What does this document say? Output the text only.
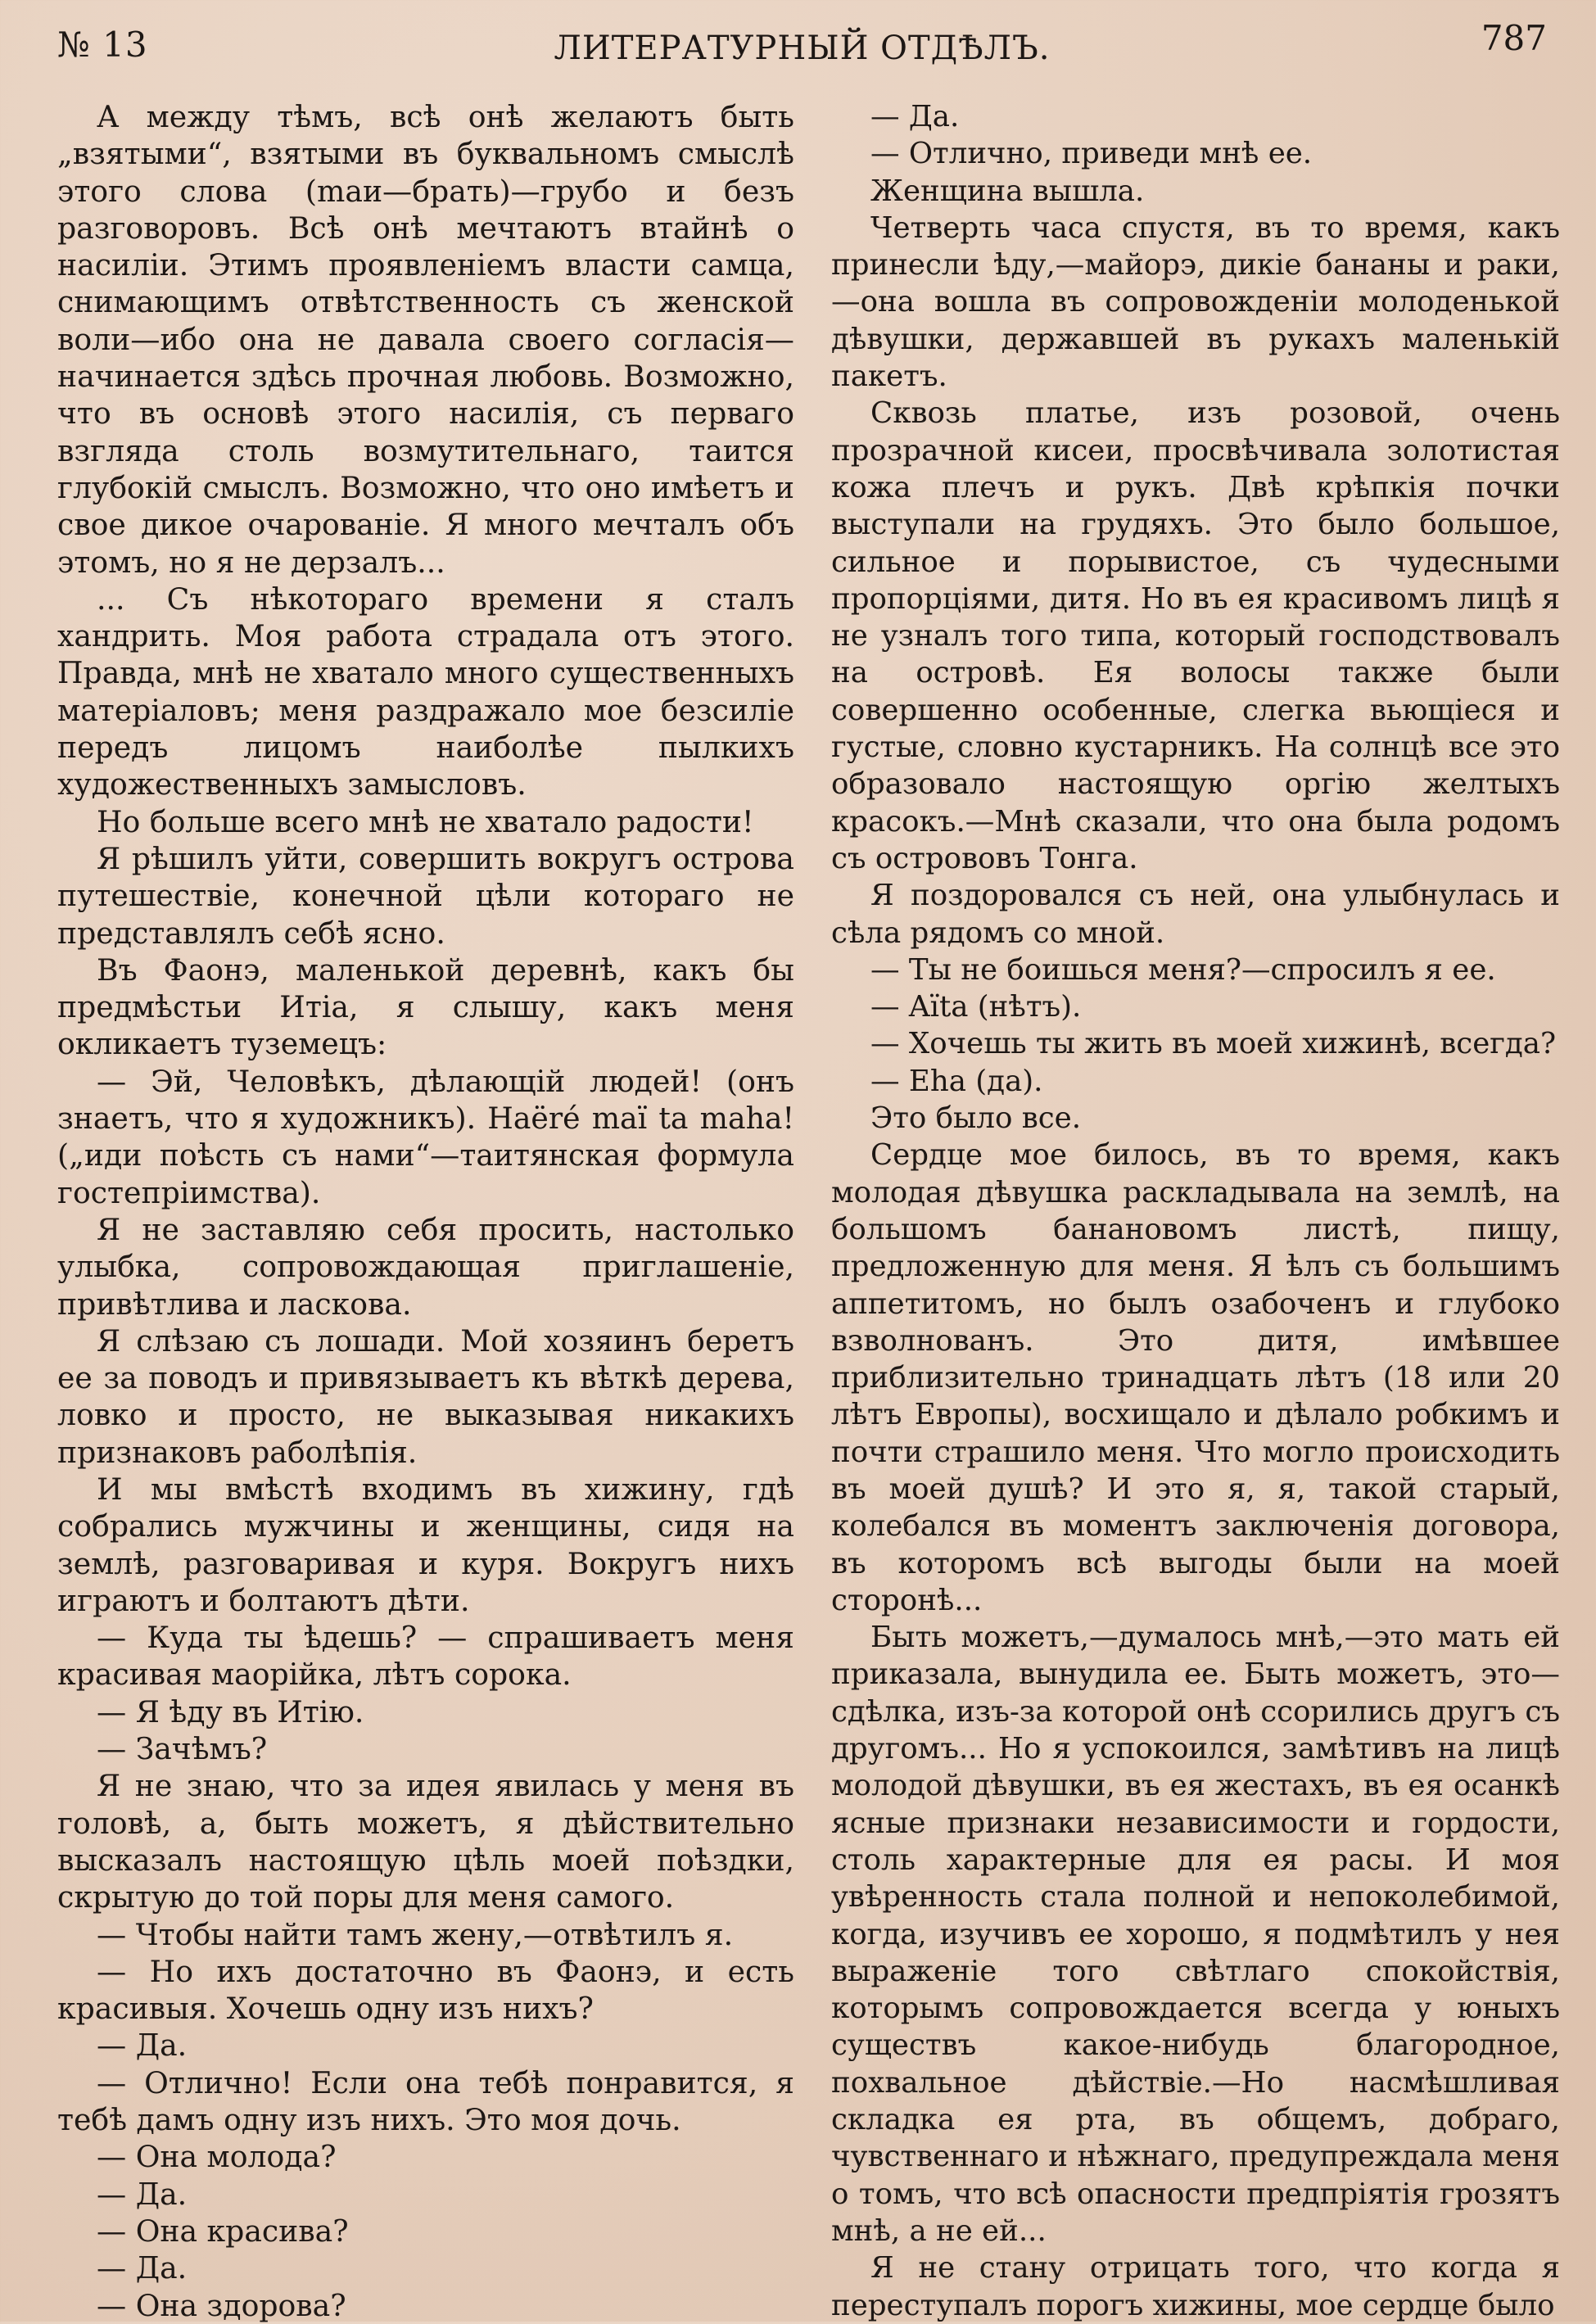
№ 13	ЛИТЕРАТУРНЫЙ ОТДѢЛЪ.	787

А между тѣмъ, всѣ онѣ желаютъ быть „взятыми“, взятыми въ буквальномъ смыслѣ этого слова (maи—брать)—грубо и безъ разговоровъ. Всѣ онѣ мечтаютъ втайнѣ о насиліи. Этимъ проявленіемъ власти самца, снимающимъ отвѣтственность съ женской воли—ибо она не давала своего согласія—начинается здѣсь прочная любовь. Возможно, что въ основѣ этого насилія, съ перваго взгляда столь возмутительнаго, таится глубокій смыслъ. Возможно, что оно имѣетъ и свое дикое очарованіе. Я много мечталъ объ этомъ, но я не дерзалъ...

... Съ нѣкотораго времени я сталъ хандрить. Моя работа страдала отъ этого. Правда, мнѣ не хватало много существенныхъ матеріаловъ; меня раздражало мое безсиліе передъ лицомъ наиболѣе пылкихъ художественныхъ замысловъ.

Но больше всего мнѣ не хватало радости!

Я рѣшилъ уйти, совершить вокругъ острова путешествіе, конечной цѣли котораго не представлялъ себѣ ясно.

Въ Фаонэ, маленькой деревнѣ, какъ бы предмѣстьи Итіа, я слышу, какъ меня окликаетъ туземецъ:

— Эй, Человѣкъ, дѣлающій людей! (онъ знаетъ, что я художникъ). Haёré maï ta maha! („иди поѣсть съ нами“—таитянская формула гостепріимства).

Я не заставляю себя просить, настолько улыбка, сопровождающая приглашеніе, привѣтлива и ласкова.

Я слѣзаю съ лошади. Мой хозяинъ беретъ ее за поводъ и привязываетъ къ вѣткѣ дерева, ловко и просто, не выказывая никакихъ признаковъ раболѣпія.

И мы вмѣстѣ входимъ въ хижину, гдѣ собрались мужчины и женщины, сидя на землѣ, разговаривая и куря. Вокругъ нихъ играютъ и болтаютъ дѣти.

— Куда ты ѣдешь? — спрашиваетъ меня красивая маорійка, лѣтъ сорока.

— Я ѣду въ Итію.

— Зачѣмъ?

Я не знаю, что за идея явилась у меня въ головѣ, а, быть можетъ, я дѣйствительно высказалъ настоящую цѣль моей поѣздки, скрытую до той поры для меня самого.

— Чтобы найти тамъ жену,—отвѣтилъ я.

— Но ихъ достаточно въ Фаонэ, и есть красивыя. Хочешь одну изъ нихъ?

— Да.

— Отлично! Если она тебѣ понравится, я тебѣ дамъ одну изъ нихъ. Это моя дочь.

— Она молода?

— Да.

— Она красива?

— Да.

— Она здорова?

— Да.

— Отлично, приведи мнѣ ее.

Женщина вышла.

Четверть часа спустя, въ то время, какъ принесли ѣду,—майорэ, дикіе бананы и раки,—она вошла въ сопровожденіи молоденькой дѣвушки, державшей въ рукахъ маленькій пакетъ.

Сквозь платье, изъ розовой, очень прозрачной кисеи, просвѣчивала золотистая кожа плечъ и рукъ. Двѣ крѣпкія почки выступали на грудяхъ. Это было большое, сильное и порывистое, съ чудесными пропорціями, дитя. Но въ ея красивомъ лицѣ я не узналъ того типа, который господствовалъ на островѣ. Ея волосы также были совершенно особенные, слегка вьющіеся и густые, словно кустарникъ. На солнцѣ все это образовало настоящую оргію желтыхъ красокъ.—Мнѣ сказали, что она была родомъ съ острововъ Тонга.

Я поздоровался съ ней, она улыбнулась и сѣла рядомъ со мной.

— Ты не боишься меня?—спросилъ я ее.

— Aïta (нѣтъ).

— Хочешь ты жить въ моей хижинѣ, всегда?

— Eha (да).

Это было все.

Сердце мое билось, въ то время, какъ молодая дѣвушка раскладывала на землѣ, на большомъ банановомъ листѣ, пищу, предложенную для меня. Я ѣлъ съ большимъ аппетитомъ, но былъ озабоченъ и глубоко взволнованъ. Это дитя, имѣвшее приблизительно тринадцать лѣтъ (18 или 20 лѣтъ Европы), восхищало и дѣлало робкимъ и почти страшило меня. Что могло происходить въ моей душѣ? И это я, я, такой старый, колебался въ моментъ заключенія договора, въ которомъ всѣ выгоды были на моей сторонѣ...

Быть можетъ,—думалось мнѣ,—это мать ей приказала, вынудила ее. Быть можетъ, это—сдѣлка, изъ-за которой онѣ ссорились другъ съ другомъ... Но я успокоился, замѣтивъ на лицѣ молодой дѣвушки, въ ея жестахъ, въ ея осанкѣ ясные признаки независимости и гордости, столь характерные для ея расы. И моя увѣренность стала полной и непоколебимой, когда, изучивъ ее хорошо, я подмѣтилъ у нея выраженіе того свѣтлаго спокойствія, которымъ сопровождается всегда у юныхъ существъ какое-нибудь благородное, похвальное дѣйствіе.—Но насмѣшливая складка ея рта, въ общемъ, добраго, чувственнаго и нѣжнаго, предупреждала меня о томъ, что всѣ опасности предпріятія грозятъ мнѣ, а не ей...

Я не стану отрицать того, что когда я переступалъ порогъ хижины, мое сердце было
